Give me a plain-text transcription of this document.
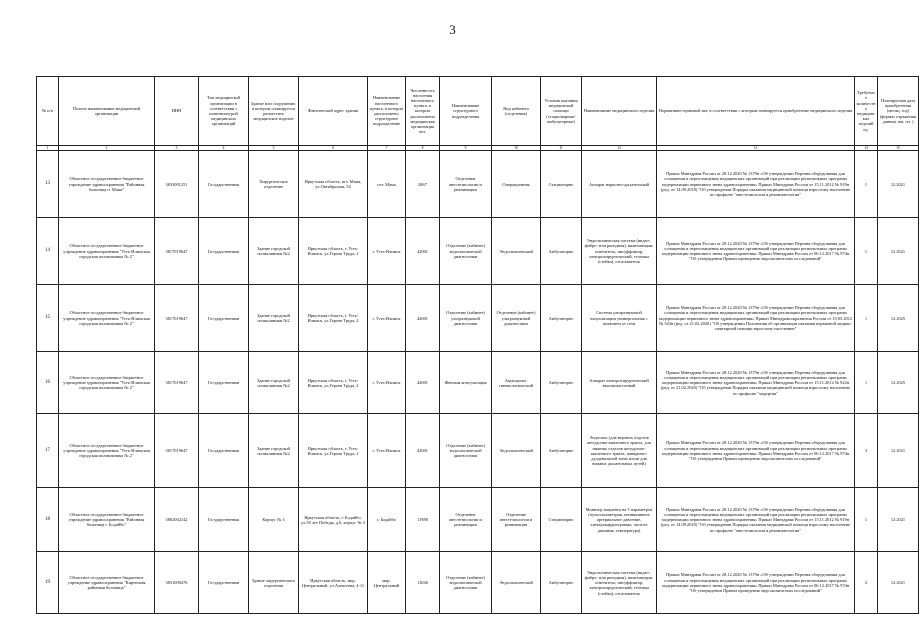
3
№ п/п	Полное наименование медицинской организации	ИНН	Тип медицинской организации в соответствии с номенклатурой медицинских организаций	Здание или сооружение, в котором планируется разместить медицинское изделие	Фактический адрес здания	Наименование населенного пункта, в котором расположено структурное подразделение	Численность населения населенного пункта, в котором расположена медицинская организация чел.	Наименование структурного подразделения	Вид кабинета (отделения)	Условия оказания медицинской помощи (стационарные/амбулаторные)	Наименование медицинского изделия	Нормативно-правовой акт, в соответствии с которым планируется приобретение медицинского изделия	Требуемое количество медицинских изделий ед.	Планируемая дата приобретения (месяц, год) (формат отражения данных мм. ггг )
1	2	3	4	5	6	7	8	9	10	11	12	13	14	15
13	Областное государственное бюджетное учреждение здравоохранения "Районная больница п. Мама"	3833001251	Государственная	Хирургическое отделение	Иркутская область, пгт. Мама, ул.Октябрьская, 54	пгт. Мама	2867	Отделение анестезиологии и реанимации	Операционная	Стационарно	Аппарат наркозно-дыхательный	Приказ Минздрава России от 28.12.2020 № 1379н «Об утверждении Перечня оборудования для оснащения и переоснащения медицинских организаций при реализации региональных программ модернизации первичного звена здравоохранения» Приказ Минздрава России от 15.11.2012 № 919н (ред. от 14.09.2018) "Об утверждении Порядка оказания медицинской помощи взрослому населению по профилю "анестезиология и реаниматология"	1	12.2021
14	Областное государственное бюджетное учреждение здравоохранения "Усть-Илимская городская поликлиника № 2"	3817019647	Государственная	Здание городской поликлиники №2	Иркутская область, г. Усть-Илимск, ул.Героев Труда, 2	г. Усть-Илимск	42001	Отделение (кабинет) эндоскопической диагностики	Эндоскопический	Амбулаторно	Эндоскопическая система (видео-, фибро- или ригидная), включающая: осветитель, инсуффлятор, электрохирургический, тележка (стойка), отсасыватель	Приказ Минздрава России от 28.12.2020 № 1379н «Об утверждении Перечня оборудования для оснащения и переоснащения медицинских организаций при реализации региональных программ модернизации первичного звена здравоохранения» Приказ Минздрава России от 06.12.2017 № 974н "Об утверждении Правил проведения эндоскопических исследований"	1	12.2021
15	Областное государственное бюджетное учреждение здравоохранения "Усть-Илимская городская поликлиника № 2"	3817019647	Государственная	Здание городской поликлиники №2	Иркутская область, г. Усть-Илимск, ул.Героев Труда, 2	г. Усть-Илимск	42001	Отделение (кабинет) ультразвуковой диагностики	Отделение (кабинет) ультразвуковой диагностики	Амбулаторно	Система ультразвуковой визуализации универсальная с питанием от сети	Приказ Минздрава России от 28.12.2020 № 1379н «Об утверждении Перечня оборудования для оснащения и переоснащения медицинских организаций при реализации региональных программ модернизации первичного звена здравоохранения» Приказ Минздравсоцразвития России от 19.05.2012 № 543н (ред. от 21.02.2020) "Об утверждении Положения об организации оказания первичной медико-санитарной помощи взрослому населению"	1	12.2025
16	Областное государственное бюджетное учреждение здравоохранения "Усть-Илимская городская поликлиника № 2"	3817019647	Государственная	Здание городской поликлиники №2	Иркутская область, г. Усть-Илимск, ул.Героев Труда, 2	г. Усть-Илимск	42001	Женская консультация	Акушерско-гинекологический	Амбулаторно	Аппарат электрохирургический высокочастотный	Приказ Минздрава России от 28.12.2020 № 1379н «Об утверждении Перечня оборудования для оснащения и переоснащения медицинских организаций при реализации региональных программ модернизации первичного звена здравоохранения» Приказ Минздрава России от 15.11.2012 № 922н (ред. от 21.02.2020) "Об утверждении Порядка оказания медицинской помощи взрослому населению по профилю "хирургия"	1	12.2025
17	Областное государственное бюджетное учреждение здравоохранения "Усть-Илимская городская поликлиника № 2"	3817019647	Государственная	Здание городской поликлиники №2	Иркутская область, г. Усть-Илимск, ул.Героев Труда, 2	г. Усть-Илимск	42001	Отделение (кабинет) эндоскопической диагностики	Эндоскопический	Амбулаторно	Эндоскоп (для верхних отделов желудочно-кишечного тракта, для нижних отделов желудочно-кишечного тракта, панкреато-дуоденальной зоны и/или для нижних дыхательных путей)	Приказ Минздрава России от 28.12.2020 № 1379н «Об утверждении Перечня оборудования для оснащения и переоснащения медицинских организаций при реализации региональных программ модернизации первичного звена здравоохранения» Приказ Минздрава России от 06.12.2017 № 974н "Об утверждении Правил проведения эндоскопических исследований"	3	12.2021
18	Областное государственное бюджетное учреждение здравоохранения "Районная больница г. Бодайбо"	3802002142	Государственная	Корпус № 3	Иркутская область, г. Бодайбо, ул.50 лет Победы, д.6, корпус № 3	г. Бодайбо	11988	Отделение анестезиологии и реанимации	Отделение анестезиологии и реанимации	Стационарно	Монитор пациента на 5 параметров (пульсоксиметрия, неинвазивное артериальное давление, электрокардиограмма, частота дыхания, температура)	Приказ Минздрава России от 28.12.2020 № 1379н «Об утверждении Перечня оборудования для оснащения и переоснащения медицинских организаций при реализации региональных программ модернизации первичного звена здравоохранения» Приказ Минздрава России от 15.11.2012 № 919н (ред. от 14.09.2018) "Об утверждении Порядка оказания медицинской помощи взрослому населению по профилю "анестезиология и реаниматология"	1	12.2021
19	Областное государственное бюджетное учреждение здравоохранения "Киренская районная больница"	3831000476	Государственная	Здание хирургического отделения	Иркутская область, мкр. Центральный, ул.Алексеева, 4-11	мкр. Центральный	11046	Отделение (кабинет) эндоскопической диагностики	Эндоскопический	Амбулаторно	Эндоскопическая система (видео-, фибро- или ригидная), включающая: осветитель, инсуффлятор, электрохирургический, тележка (стойка), отсасыватель	Приказ Минздрава России от 28.12.2020 № 1379н «Об утверждении Перечня оборудования для оснащения и переоснащения медицинских организаций при реализации региональных программ модернизации первичного звена здравоохранения» Приказ Минздрава России от 06.12.2017 № 974н "Об утверждении Правил проведения эндоскопических исследований"	2	12.2021
